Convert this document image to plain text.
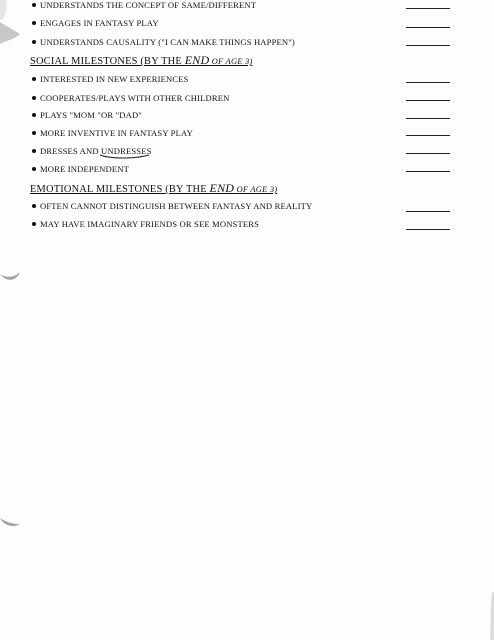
UNDERSTANDS THE CONCEPT OF SAME/DIFFERENT
ENGAGES IN FANTASY PLAY
UNDERSTANDS CAUSALITY ("I CAN MAKE THINGS HAPPEN")
SOCIAL MILESTONES (BY THE END OF AGE 3)
INTERESTED IN NEW EXPERIENCES
COOPERATES/PLAYS WITH OTHER CHILDREN
PLAYS "MOM "OR "DAD"
MORE INVENTIVE IN FANTASY PLAY
DRESSES AND UNDRESSES
MORE INDEPENDENT
EMOTIONAL MILESTONES (BY THE END OF AGE 3)
OFTEN CANNOT DISTINGUISH BETWEEN FANTASY AND REALITY
MAY HAVE IMAGINARY FRIENDS OR SEE MONSTERS
